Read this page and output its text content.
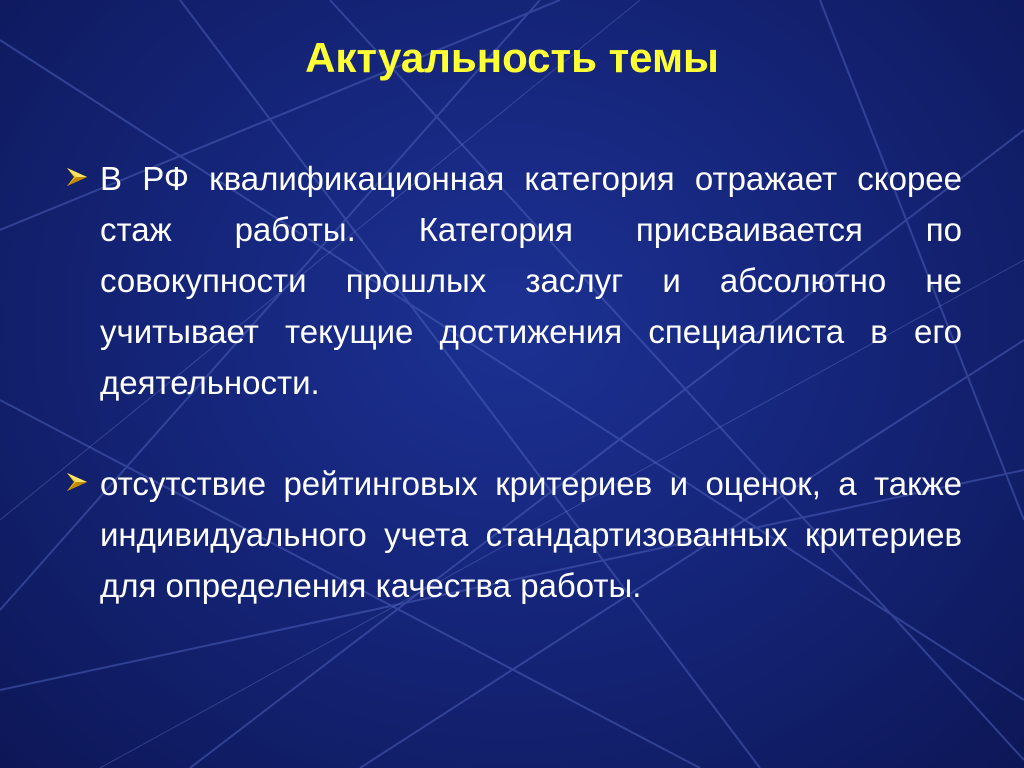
Актуальность темы

В РФ квалификационная категория отражает скорее стаж работы. Категория присваивается по совокупности прошлых заслуг и абсолютно не учитывает текущие достижения специалиста в его деятельности.

отсутствие рейтинговых критериев и оценок, а также индивидуального учета стандартизованных критериев для определения качества работы.
